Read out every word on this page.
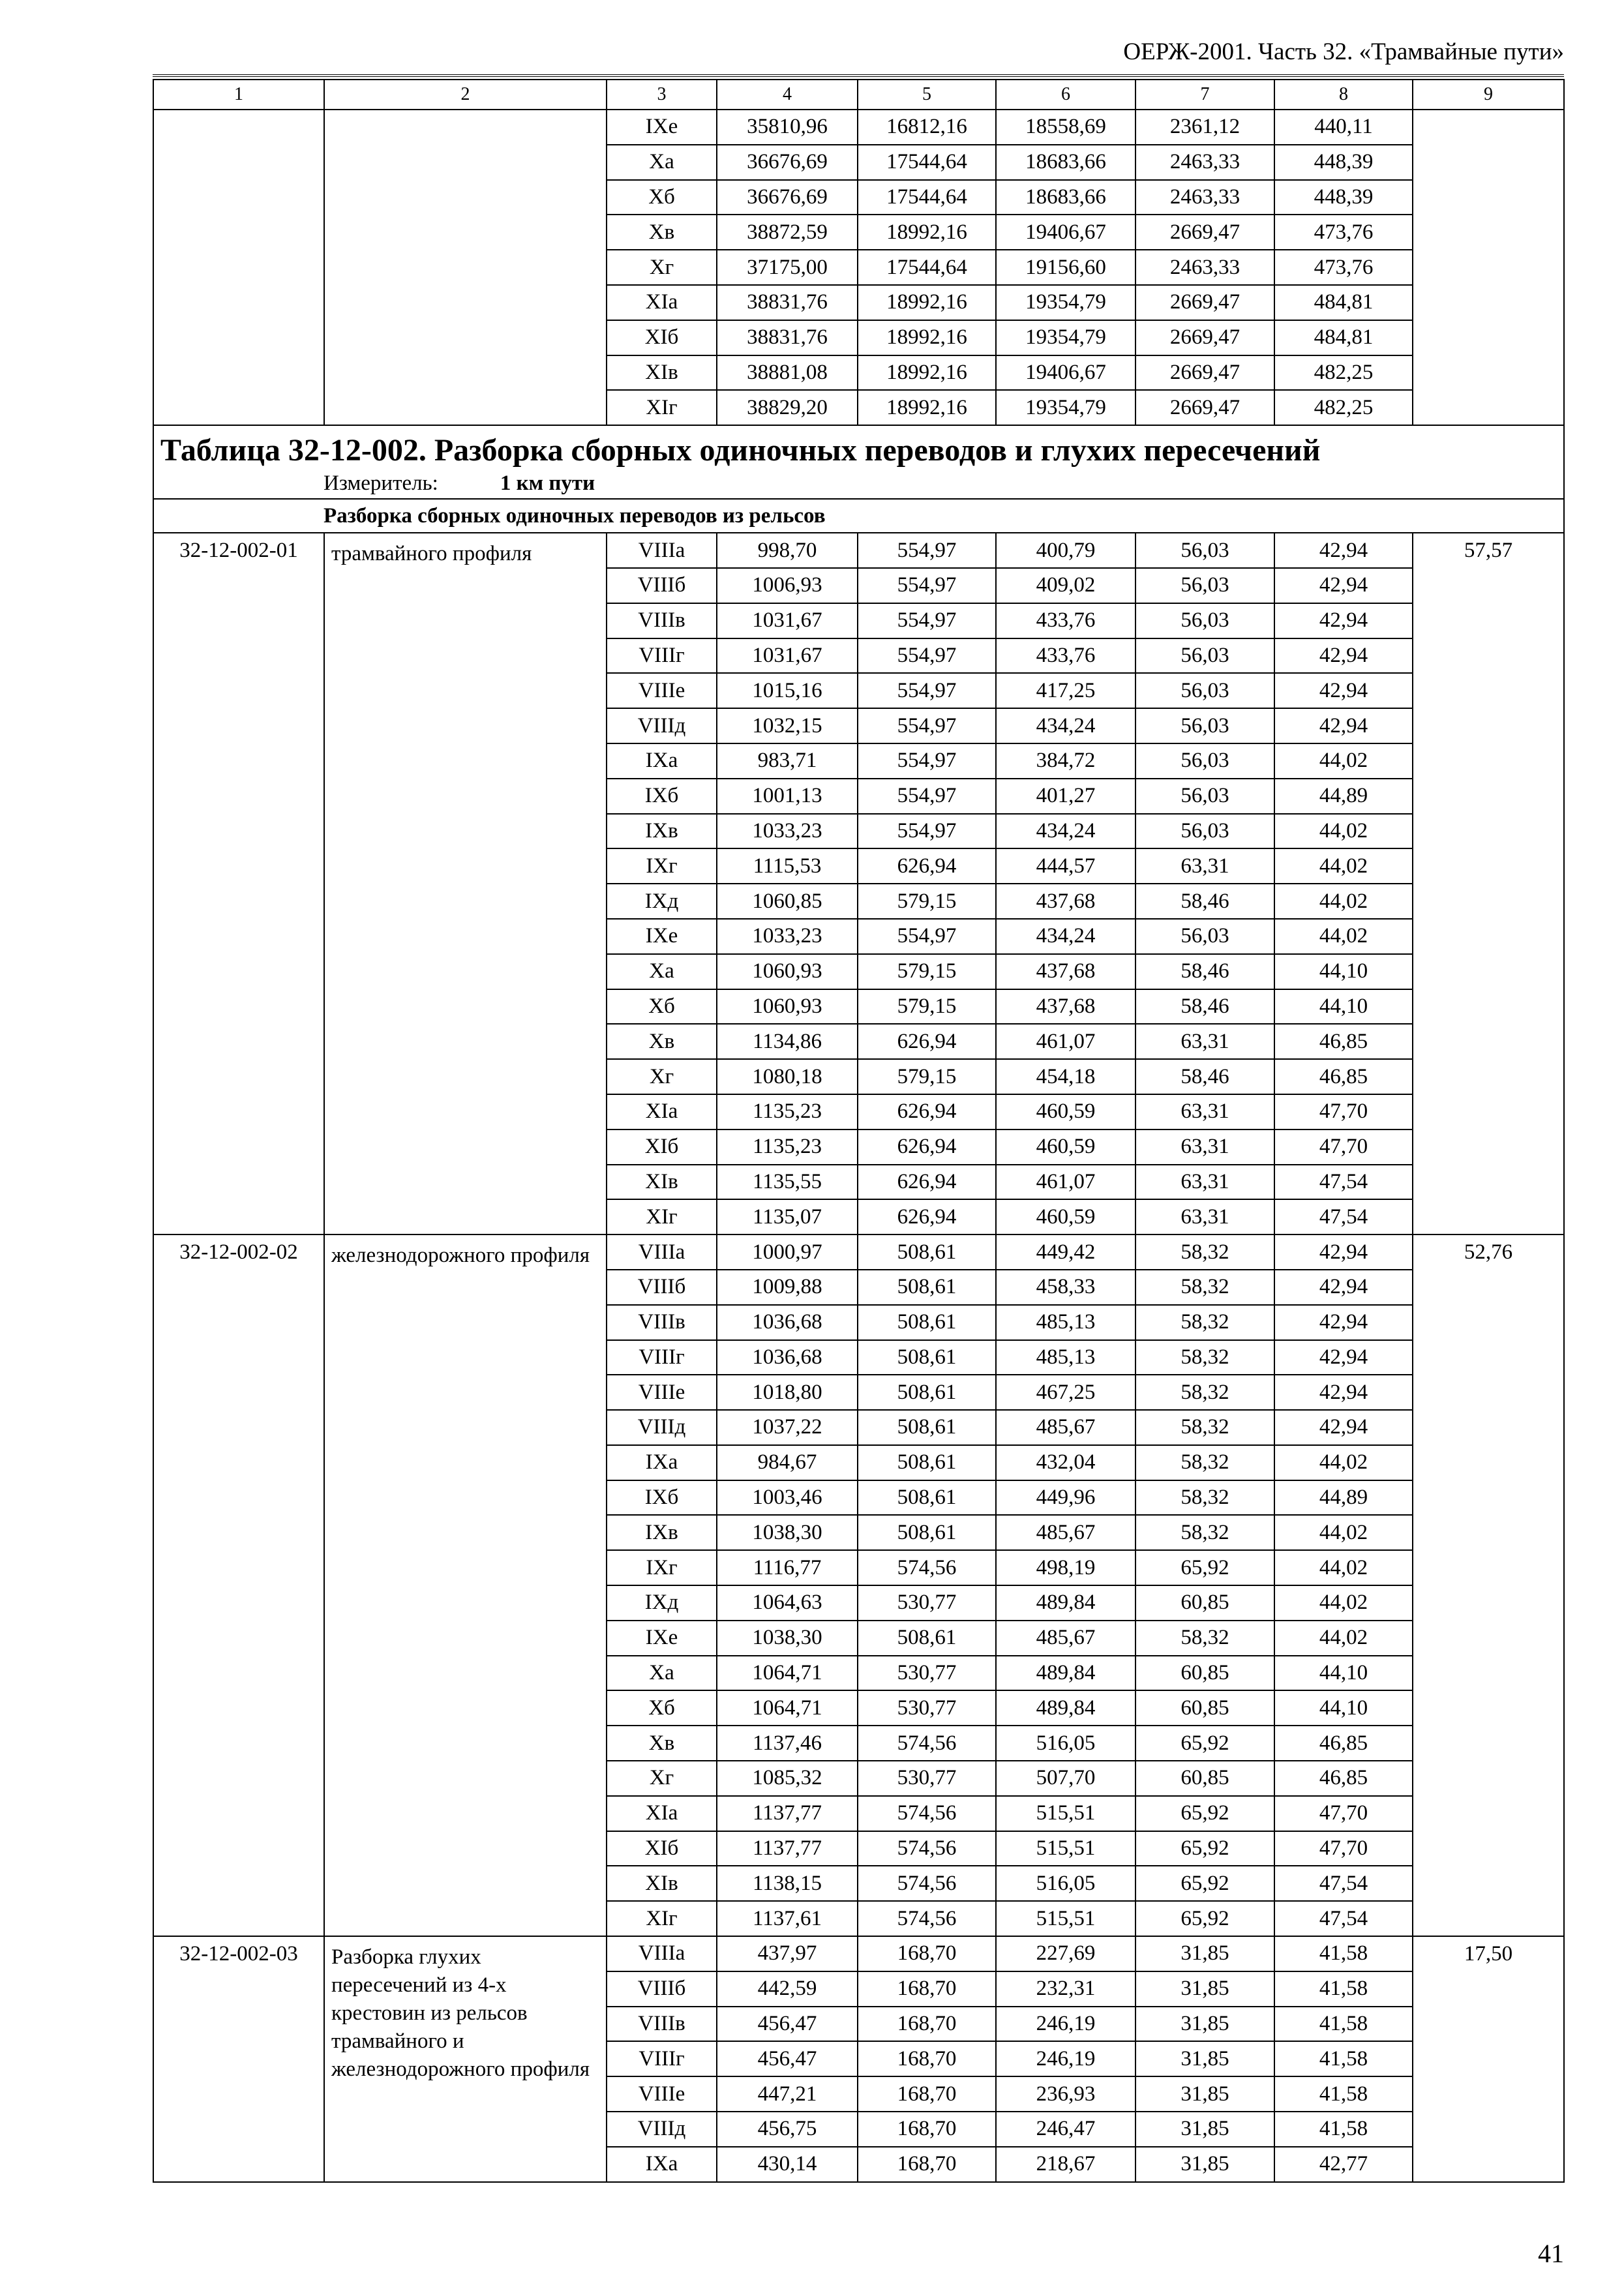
ОЕРЖ-2001. Часть 32. «Трамвайные пути»
1	2	3	4	5	6	7	8	9
		IXе	35810,96	16812,16	18558,69	2361,12	440,11	
		Xа	36676,69	17544,64	18683,66	2463,33	448,39	
		Xб	36676,69	17544,64	18683,66	2463,33	448,39	
		Xв	38872,59	18992,16	19406,67	2669,47	473,76	
		Xг	37175,00	17544,64	19156,60	2463,33	473,76	
		XIа	38831,76	18992,16	19354,79	2669,47	484,81	
		XIб	38831,76	18992,16	19354,79	2669,47	484,81	
		XIв	38881,08	18992,16	19406,67	2669,47	482,25	
		XIг	38829,20	18992,16	19354,79	2669,47	482,25	
Таблица 32-12-002. Разборка сборных одиночных переводов и глухих пересечений								
Измеритель: 1 км пути								
Разборка сборных одиночных переводов из рельсов								
32-12-002-01	трамвайного профиля	VIIIа	998,70	554,97	400,79	56,03	42,94	57,57
		VIIIб	1006,93	554,97	409,02	56,03	42,94	
		VIIIв	1031,67	554,97	433,76	56,03	42,94	
		VIIIг	1031,67	554,97	433,76	56,03	42,94	
		VIIIе	1015,16	554,97	417,25	56,03	42,94	
		VIIIд	1032,15	554,97	434,24	56,03	42,94	
		IXа	983,71	554,97	384,72	56,03	44,02	
		IXб	1001,13	554,97	401,27	56,03	44,89	
		IXв	1033,23	554,97	434,24	56,03	44,02	
		IXг	1115,53	626,94	444,57	63,31	44,02	
		IXд	1060,85	579,15	437,68	58,46	44,02	
		IXе	1033,23	554,97	434,24	56,03	44,02	
		Xа	1060,93	579,15	437,68	58,46	44,10	
		Xб	1060,93	579,15	437,68	58,46	44,10	
		Xв	1134,86	626,94	461,07	63,31	46,85	
		Xг	1080,18	579,15	454,18	58,46	46,85	
		XIа	1135,23	626,94	460,59	63,31	47,70	
		XIб	1135,23	626,94	460,59	63,31	47,70	
		XIв	1135,55	626,94	461,07	63,31	47,54	
		XIг	1135,07	626,94	460,59	63,31	47,54	
32-12-002-02	железнодорожного профиля	VIIIа	1000,97	508,61	449,42	58,32	42,94	52,76
		VIIIб	1009,88	508,61	458,33	58,32	42,94	
		VIIIв	1036,68	508,61	485,13	58,32	42,94	
		VIIIг	1036,68	508,61	485,13	58,32	42,94	
		VIIIе	1018,80	508,61	467,25	58,32	42,94	
		VIIIд	1037,22	508,61	485,67	58,32	42,94	
		IXа	984,67	508,61	432,04	58,32	44,02	
		IXб	1003,46	508,61	449,96	58,32	44,89	
		IXв	1038,30	508,61	485,67	58,32	44,02	
		IXг	1116,77	574,56	498,19	65,92	44,02	
		IXд	1064,63	530,77	489,84	60,85	44,02	
		IXе	1038,30	508,61	485,67	58,32	44,02	
		Xа	1064,71	530,77	489,84	60,85	44,10	
		Xб	1064,71	530,77	489,84	60,85	44,10	
		Xв	1137,46	574,56	516,05	65,92	46,85	
		Xг	1085,32	530,77	507,70	60,85	46,85	
		XIа	1137,77	574,56	515,51	65,92	47,70	
		XIб	1137,77	574,56	515,51	65,92	47,70	
		XIв	1138,15	574,56	516,05	65,92	47,54	
		XIг	1137,61	574,56	515,51	65,92	47,54	
32-12-002-03	Разборка глухих пересечений из 4-х крестовин из рельсов трамвайного и железнодорожного профиля	VIIIа	437,97	168,70	227,69	31,85	41,58	17,50
		VIIIб	442,59	168,70	232,31	31,85	41,58	
		VIIIв	456,47	168,70	246,19	31,85	41,58	
		VIIIг	456,47	168,70	246,19	31,85	41,58	
		VIIIе	447,21	168,70	236,93	31,85	41,58	
		VIIIд	456,75	168,70	246,47	31,85	41,58	
		IXа	430,14	168,70	218,67	31,85	42,77	
41
